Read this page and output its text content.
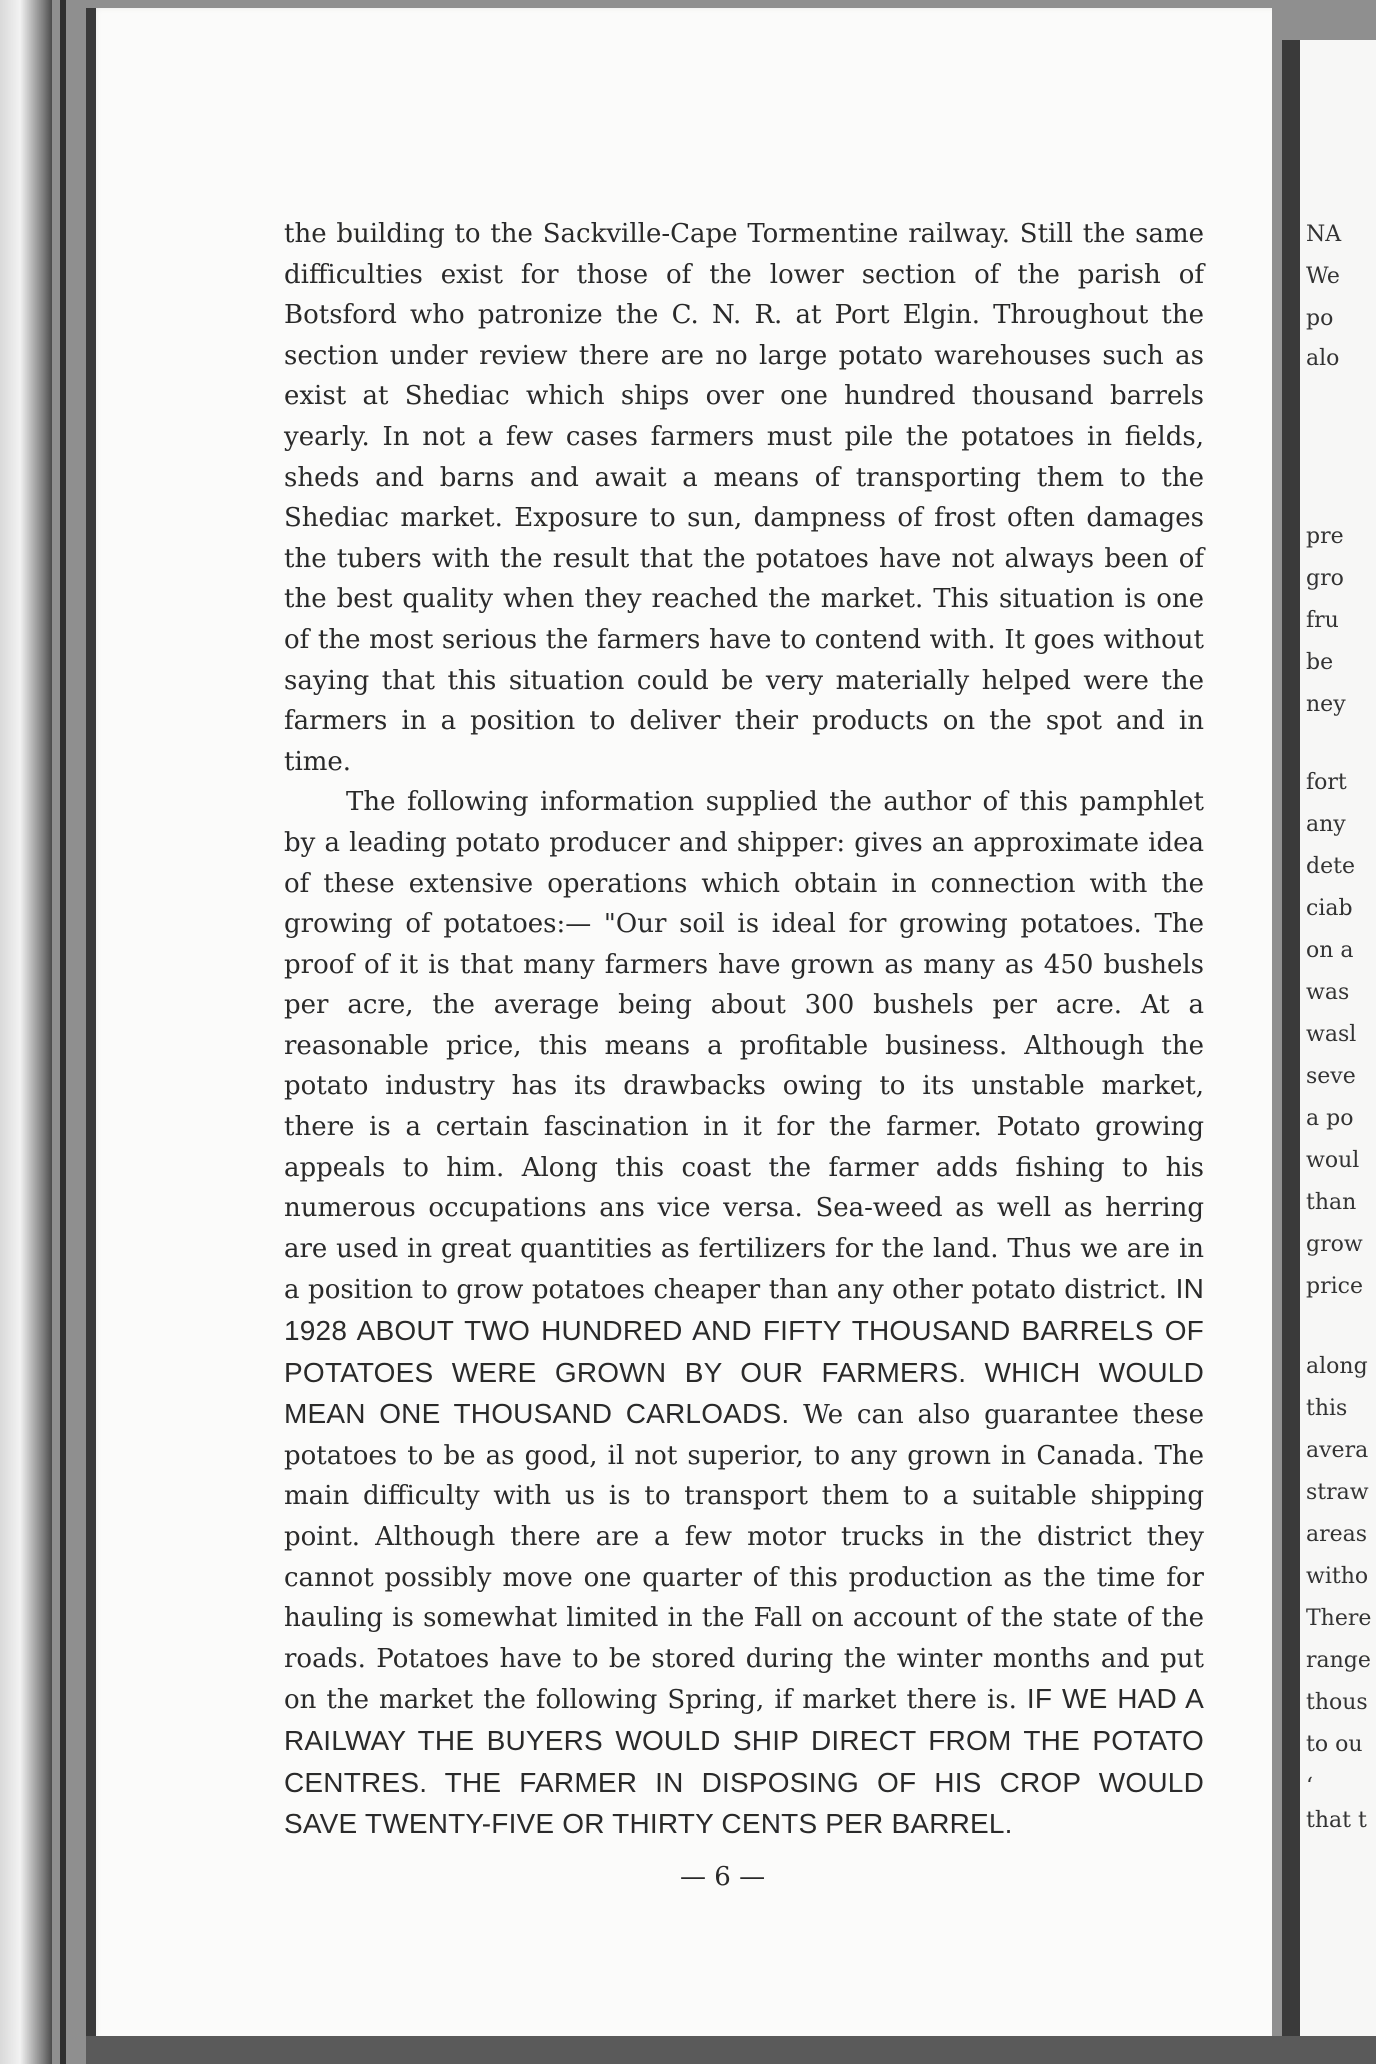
the building to the Sackville-Cape Tormentine railway. Still the same difficulties exist for those of the lower section of the parish of Botsford who patronize the C. N. R. at Port Elgin. Throughout the section under review there are no large potato warehouses such as exist at Shediac which ships over one hundred thousand barrels yearly. In not a few cases farmers must pile the potatoes in fields, sheds and barns and await a means of transporting them to the Shediac market. Exposure to sun, dampness of frost often damages the tubers with the result that the potatoes have not always been of the best quality when they reached the market. This situation is one of the most serious the farmers have to contend with. It goes without saying that this situation could be very materially helped were the farmers in a position to deliver their products on the spot and in time.

The following information supplied the author of this pamphlet by a leading potato producer and shipper: gives an approximate idea of these extensive operations which obtain in connection with the growing of potatoes:— "Our soil is ideal for growing potatoes. The proof of it is that many farmers have grown as many as 450 bushels per acre, the average being about 300 bushels per acre. At a reasonable price, this means a profitable business. Although the potato industry has its drawbacks owing to its unstable market, there is a certain fascination in it for the farmer. Potato growing appeals to him. Along this coast the farmer adds fishing to his numerous occupations ans vice versa. Sea-weed as well as herring are used in great quantities as fertilizers for the land. Thus we are in a position to grow potatoes cheaper than any other potato district. IN 1928 ABOUT TWO HUNDRED AND FIFTY THOUSAND BARRELS OF POTATOES WERE GROWN BY OUR FARMERS. WHICH WOULD MEAN ONE THOUSAND CARLOADS. We can also guarantee these potatoes to be as good, il not superior, to any grown in Canada. The main difficulty with us is to transport them to a suitable shipping point. Although there are a few motor trucks in the district they cannot possibly move one quarter of this production as the time for hauling is somewhat limited in the Fall on account of the state of the roads. Potatoes have to be stored during the winter months and put on the market the following Spring, if market there is. IF WE HAD A RAILWAY THE BUYERS WOULD SHIP DIRECT FROM THE POTATO CENTRES. THE FARMER IN DISPOSING OF HIS CROP WOULD SAVE TWENTY-FIVE OR THIRTY CENTS PER BARREL.

— 6 —
NA
We
po
alo
pre
gro
fru
be
ney
fort
any
dete
ciab
on a
was
wasl
seve
a po
woul
than
grow
price
along
this
avera
straw
areas
witho
There
range
thous
to ou
‘
that t
